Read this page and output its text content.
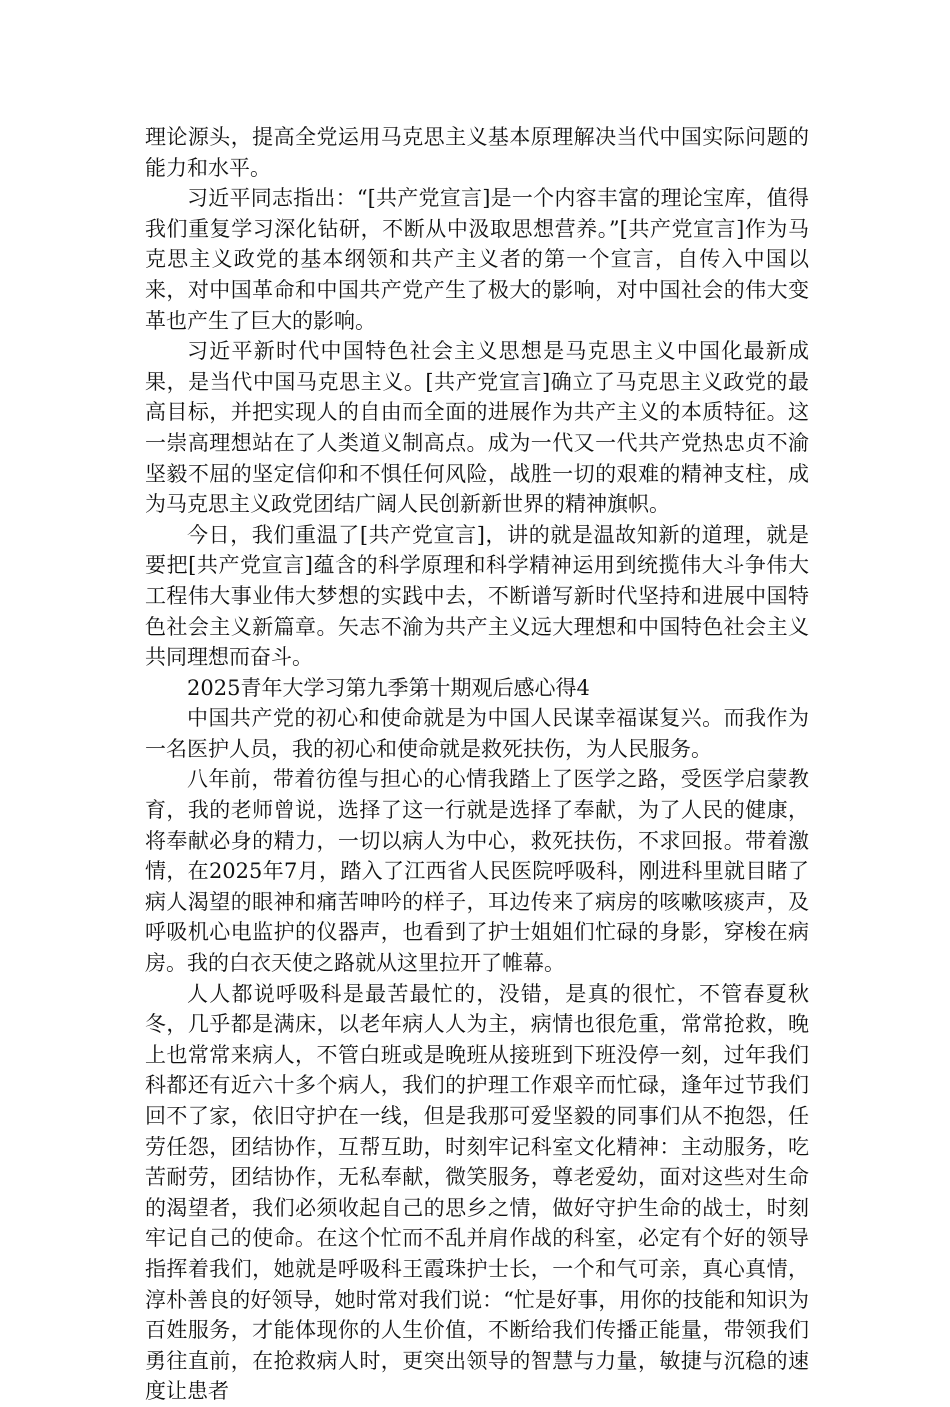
理论源头，提高全党运用马克思主义基本原理解决当代中国实际问题的能力和水平。

习近平同志指出：“[共产党宣言]是一个内容丰富的理论宝库，值得我们重复学习深化钻研，不断从中汲取思想营养。”[共产党宣言]作为马克思主义政党的基本纲领和共产主义者的第一个宣言，自传入中国以来，对中国革命和中国共产党产生了极大的影响，对中国社会的伟大变革也产生了巨大的影响。

习近平新时代中国特色社会主义思想是马克思主义中国化最新成果，是当代中国马克思主义。[共产党宣言]确立了马克思主义政党的最高目标，并把实现人的自由而全面的进展作为共产主义的本质特征。这一崇高理想站在了人类道义制高点。成为一代又一代共产党热忠贞不渝坚毅不屈的坚定信仰和不惧任何风险，战胜一切的艰难的精神支柱，成为马克思主义政党团结广阔人民创新新世界的精神旗帜。

今日，我们重温了[共产党宣言]，讲的就是温故知新的道理，就是要把[共产党宣言]蕴含的科学原理和科学精神运用到统揽伟大斗争伟大工程伟大事业伟大梦想的实践中去，不断谱写新时代坚持和进展中国特色社会主义新篇章。矢志不渝为共产主义远大理想和中国特色社会主义共同理想而奋斗。

2025青年大学习第九季第十期观后感心得4

中国共产党的初心和使命就是为中国人民谋幸福谋复兴。而我作为一名医护人员，我的初心和使命就是救死扶伤，为人民服务。

八年前，带着彷徨与担心的心情我踏上了医学之路，受医学启蒙教育，我的老师曾说，选择了这一行就是选择了奉献，为了人民的健康，将奉献必身的精力，一切以病人为中心，救死扶伤，不求回报。带着激情，在2025年7月，踏入了江西省人民医院呼吸科，刚进科里就目睹了病人渴望的眼神和痛苦呻吟的样子，耳边传来了病房的咳嗽咳痰声，及呼吸机心电监护的仪器声，也看到了护士姐姐们忙碌的身影，穿梭在病房。我的白衣天使之路就从这里拉开了帷幕。

人人都说呼吸科是最苦最忙的，没错，是真的很忙，不管春夏秋冬，几乎都是满床，以老年病人人为主，病情也很危重，常常抢救，晚上也常常来病人，不管白班或是晚班从接班到下班没停一刻，过年我们科都还有近六十多个病人，我们的护理工作艰辛而忙碌，逢年过节我们回不了家，依旧守护在一线，但是我那可爱坚毅的同事们从不抱怨，任劳任怨，团结协作，互帮互助，时刻牢记科室文化精神：主动服务，吃苦耐劳，团结协作，无私奉献，微笑服务，尊老爱幼，面对这些对生命的渴望者，我们必须收起自己的思乡之情，做好守护生命的战士，时刻牢记自己的使命。在这个忙而不乱并肩作战的科室，必定有个好的领导指挥着我们，她就是呼吸科王霞珠护士长，一个和气可亲，真心真情，淳朴善良的好领导，她时常对我们说：“忙是好事，用你的技能和知识为百姓服务，才能体现你的人生价值，不断给我们传播正能量，带领我们勇往直前，在抢救病人时，更突出领导的智慧与力量，敏捷与沉稳的速度让患者
